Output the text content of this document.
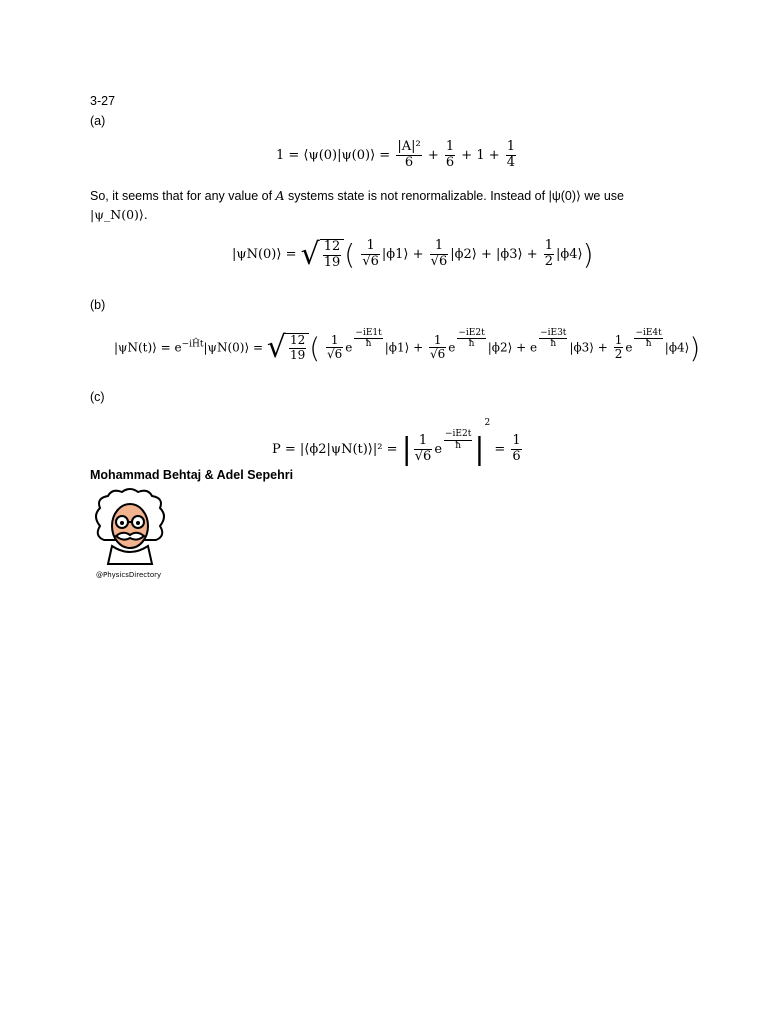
3-27
(a)
1 = ⟨ψ(0)|ψ(0)⟩ = $\frac{\text{|A|²}}{6} + \frac{1}{6} + 1 + \frac{1}{4}$
So, it seems that for any value of A systems state is not renormalizable. Instead of |ψ(0)⟩ we use
|ψ_N(0)⟩.
|ψN(0)⟩ = √ $\frac{12}{19}$ ( $\frac{1}{√6}$ |ϕ1⟩ + $\frac{1}{√6}$ |ϕ2⟩ + |ϕ3⟩ + $\frac{1}{2}$ |ϕ4⟩)
(b)
|ψN(t)⟩ = $e^{-iĤt}|\psi N(0)⟩$ = √ $\frac{12}{19}$ ( $\frac{1}{√6}$ e $\frac{-iE1t}{ħ}$ |ϕ1⟩ + $\frac{1}{√6}$ e $\frac{-iE2t}{ħ}$ |ϕ2⟩ + e $\frac{-iE3t}{ħ}$ |ϕ3⟩ + $\frac{1}{2}$ e $\frac{-iE4t}{ħ}$ |ϕ4⟩)
(c)
P = |⟨ϕ2|ψN(t)⟩|² = | $\frac{1}{√6}$ e $\frac{-iE2t}{ħ} |^2 = \frac{1}{6}$
Mohammad Behtaj & Adel Sepehri
@PhysicsDirectory
